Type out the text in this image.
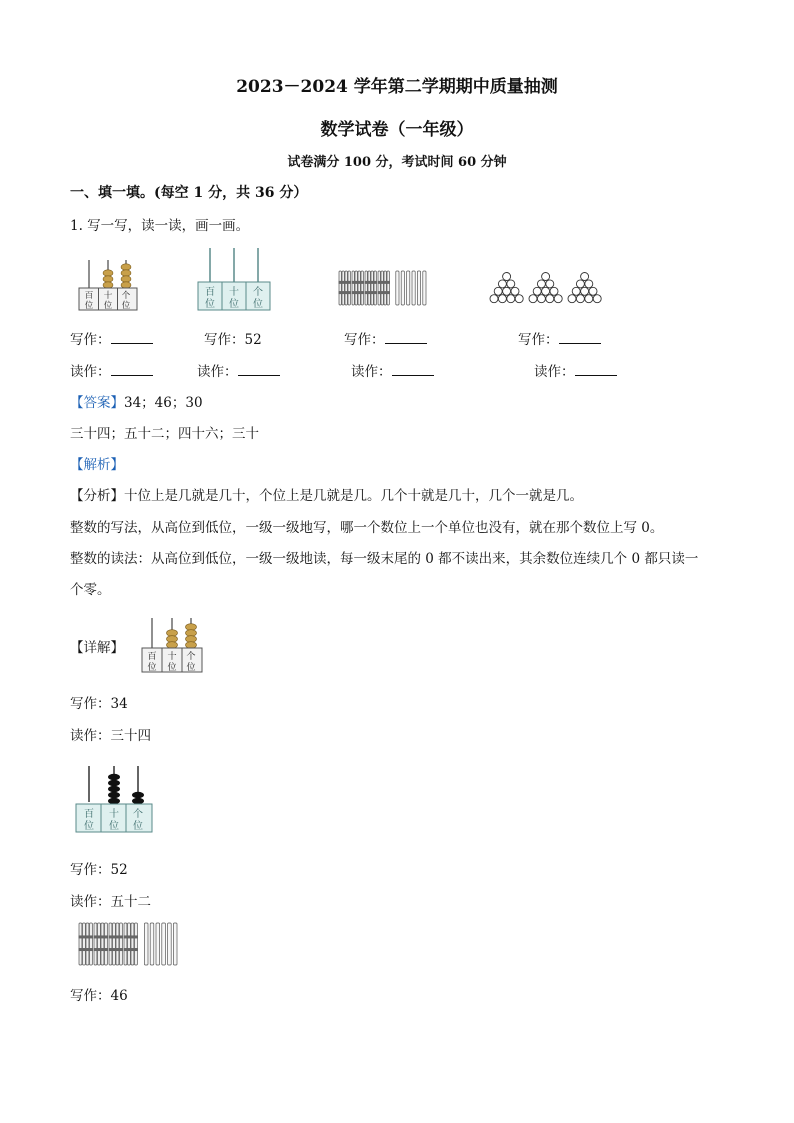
2023－2024 学年第二学期期中质量抽测
数学试卷（一年级）
试卷满分 100 分，考试时间 60 分钟
一、填一填。(每空 1 分，共 36 分）
1. 写一写，读一读，画一画。
百
位
十
位
个
位
百
位
十
位
个
位
写作：	写作：52	写作：	写作：
读作：	读作：	读作：	读作：
【答案】34；46；30
三十四；五十二；四十六；三十
【解析】
【分析】十位上是几就是几十，个位上是几就是几。几个十就是几十，几个一就是几。
整数的写法，从高位到低位，一级一级地写，哪一个数位上一个单位也没有，就在那个数位上写 0。
整数的读法：从高位到低位，一级一级地读，每一级末尾的 0 都不读出来，其余数位连续几个 0 都只读一
个零。
【详解】
百
位
十
位
个
位
写作：34
读作：三十四
百
位
十
位
个
位
写作：52
读作：五十二
写作：46
